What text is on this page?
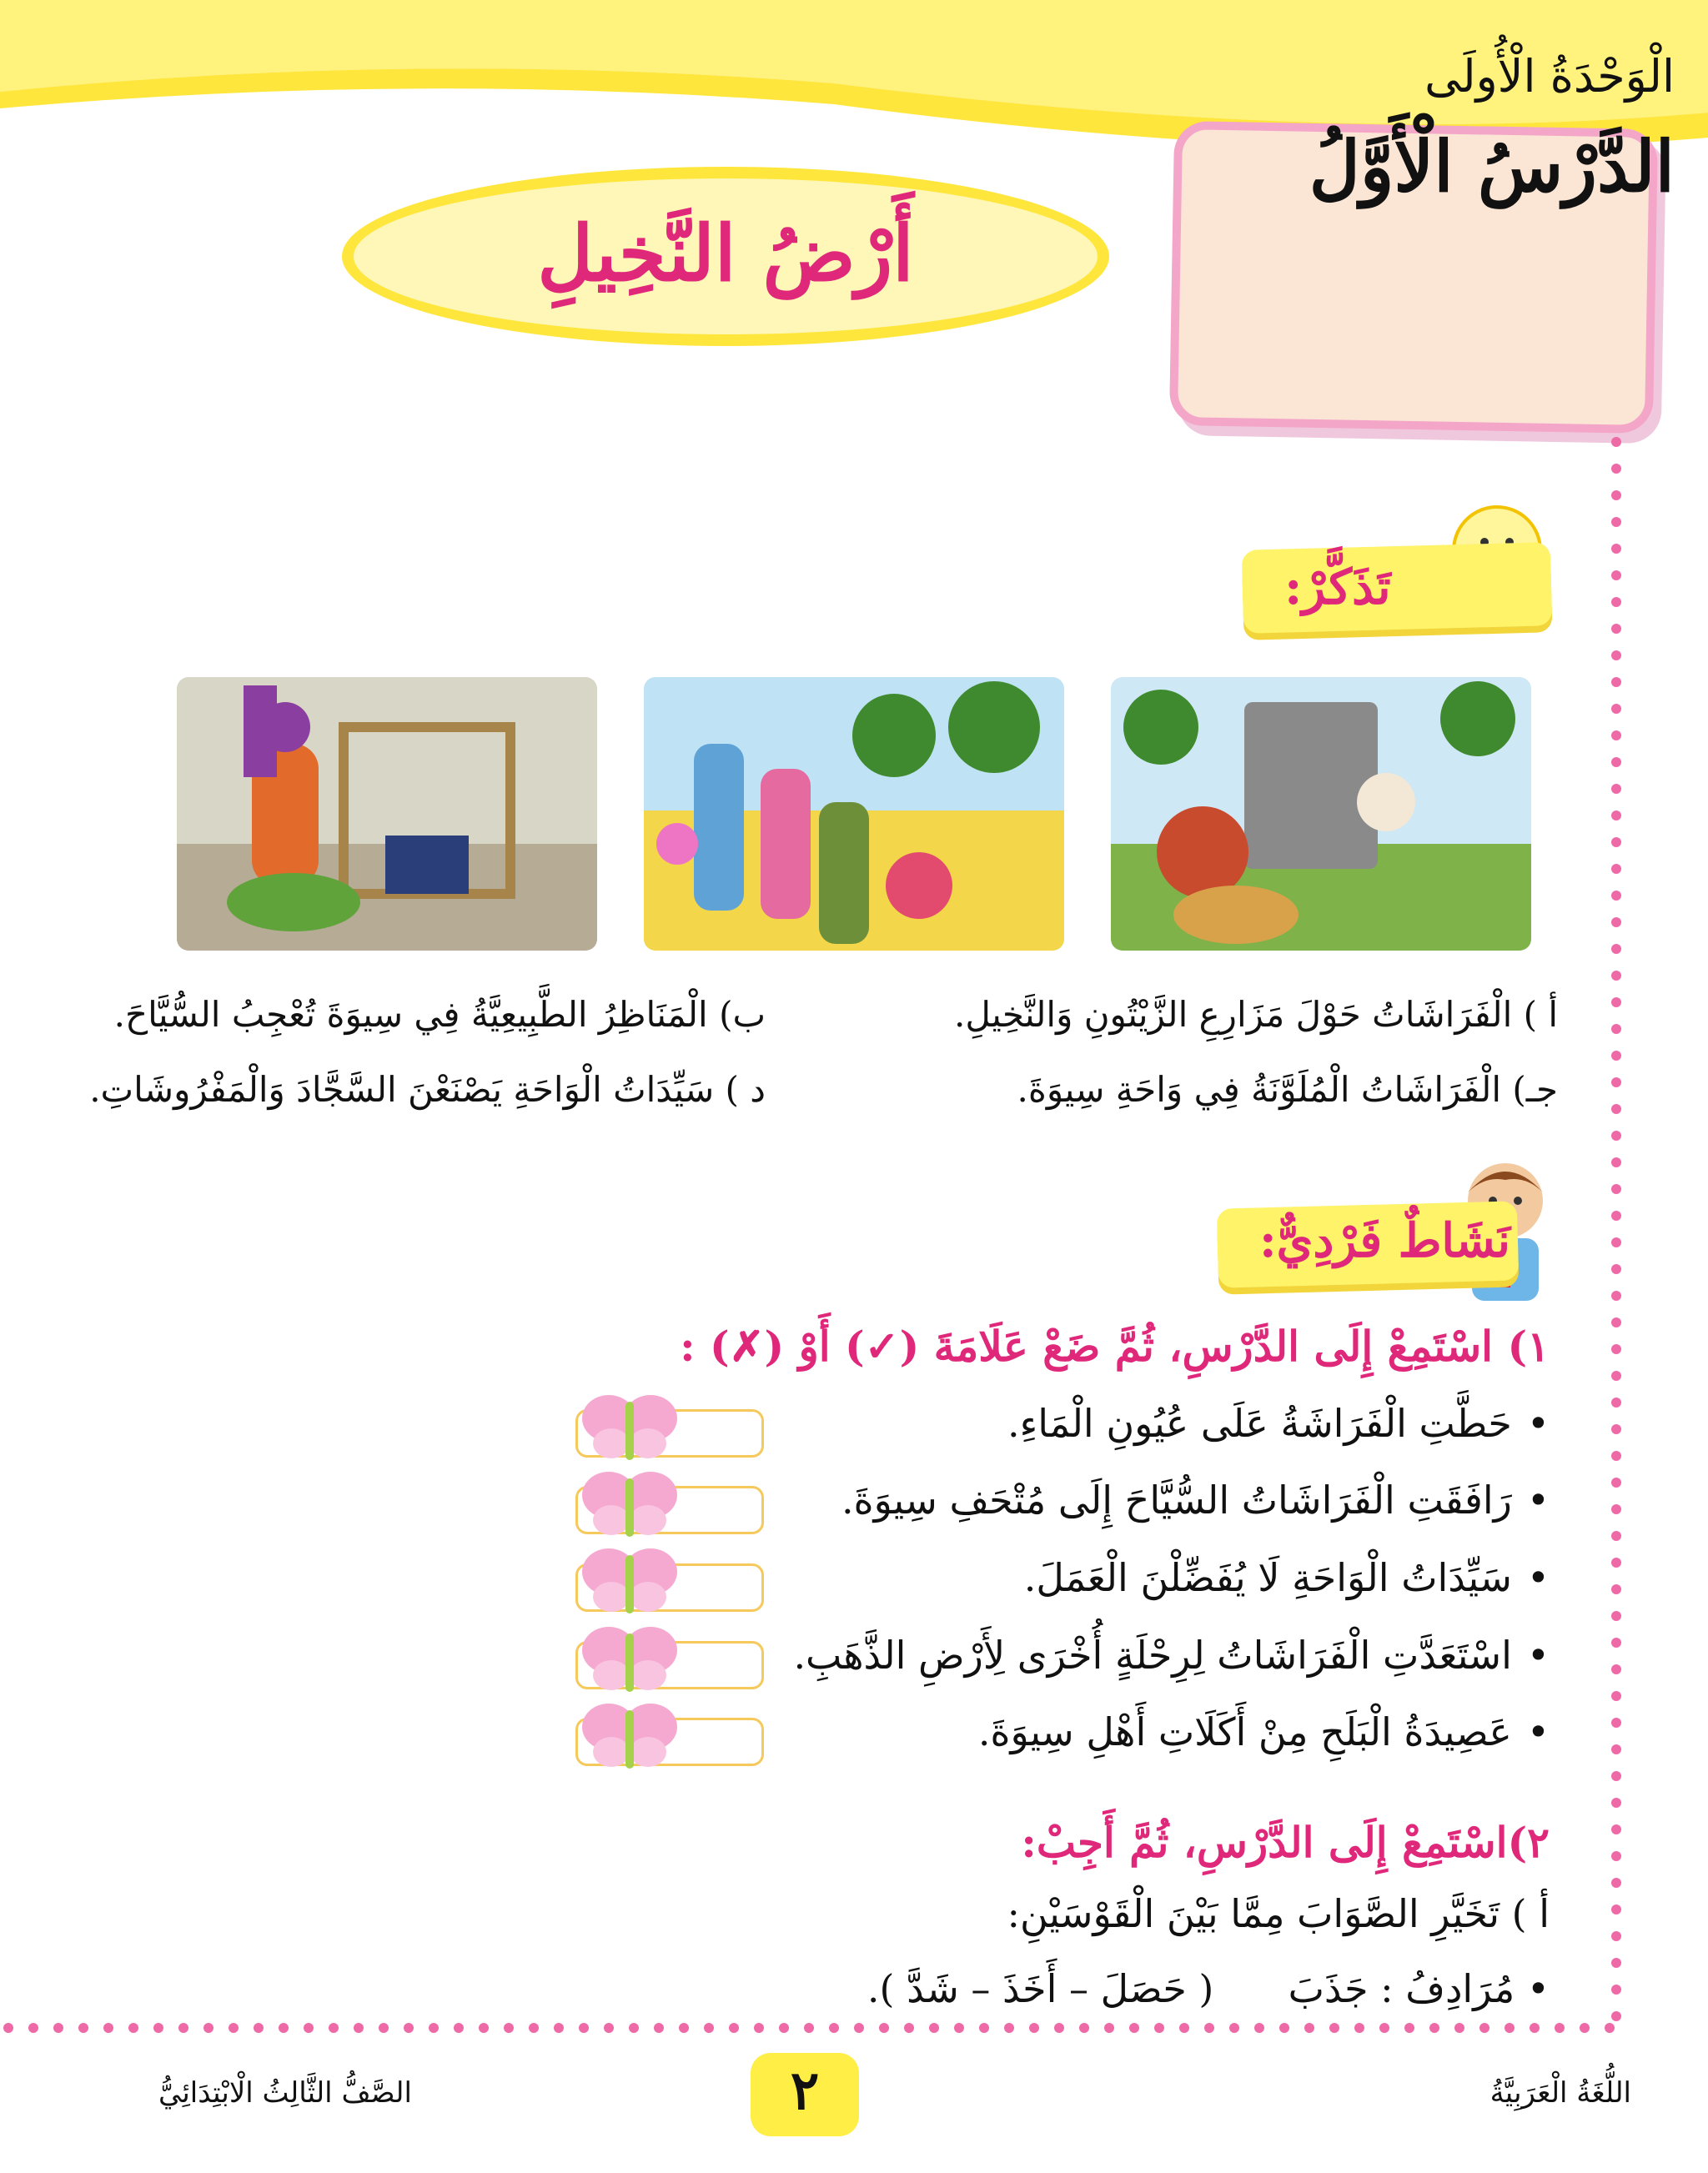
الْوَحْدَةُ الْأُولَى
الدَّرْسُ الْأَوَّلُ
أَرْضُ النَّخِيلِ
تَذَكَّرْ:
أ ) الْفَرَاشَاتُ حَوْلَ مَزَارِعِ الزَّيْتُونِ وَالنَّخِيلِ.
ب) الْمَنَاظِرُ الطَّبِيعِيَّةُ فِي سِيوَةَ تُعْجِبُ السُّيَّاحَ.
جـ) الْفَرَاشَاتُ الْمُلَوَّنَةُ فِي وَاحَةِ سِيوَةَ.
د ) سَيِّدَاتُ الْوَاحَةِ يَصْنَعْنَ السَّجَّادَ وَالْمَفْرُوشَاتِ.
نَشَاطٌ فَرْدِيٌّ:
١) اسْتَمِعْ إِلَى الدَّرْسِ، ثُمَّ ضَعْ عَلَامَةَ (✓) أَوْ (✗) :
•حَطَّتِ الْفَرَاشَةُ عَلَى عُيُونِ الْمَاءِ.
•رَافَقَتِ الْفَرَاشَاتُ السُّيَّاحَ إِلَى مُتْحَفِ سِيوَةَ.
•سَيِّدَاتُ الْوَاحَةِ لَا يُفَضِّلْنَ الْعَمَلَ.
•اسْتَعَدَّتِ الْفَرَاشَاتُ لِرِحْلَةٍ أُخْرَى لِأَرْضِ الذَّهَبِ.
•عَصِيدَةُ الْبَلَحِ مِنْ أَكَلَاتِ أَهْلِ سِيوَةَ.
٢)اسْتَمِعْ إِلَى الدَّرْسِ، ثُمَّ أَجِبْ:
أ ) تَخَيَّرِ الصَّوَابَ مِمَّا بَيْنَ الْقَوْسَيْنِ:
• مُرَادِفُ : جَذَبَ  ( حَصَلَ – أَخَذَ – شَدَّ ).
٢	اللُّغَةُ الْعَرَبِيَّةُ
الصَّفُّ الثَّالِثُ الْابْتِدَائِيُّ
